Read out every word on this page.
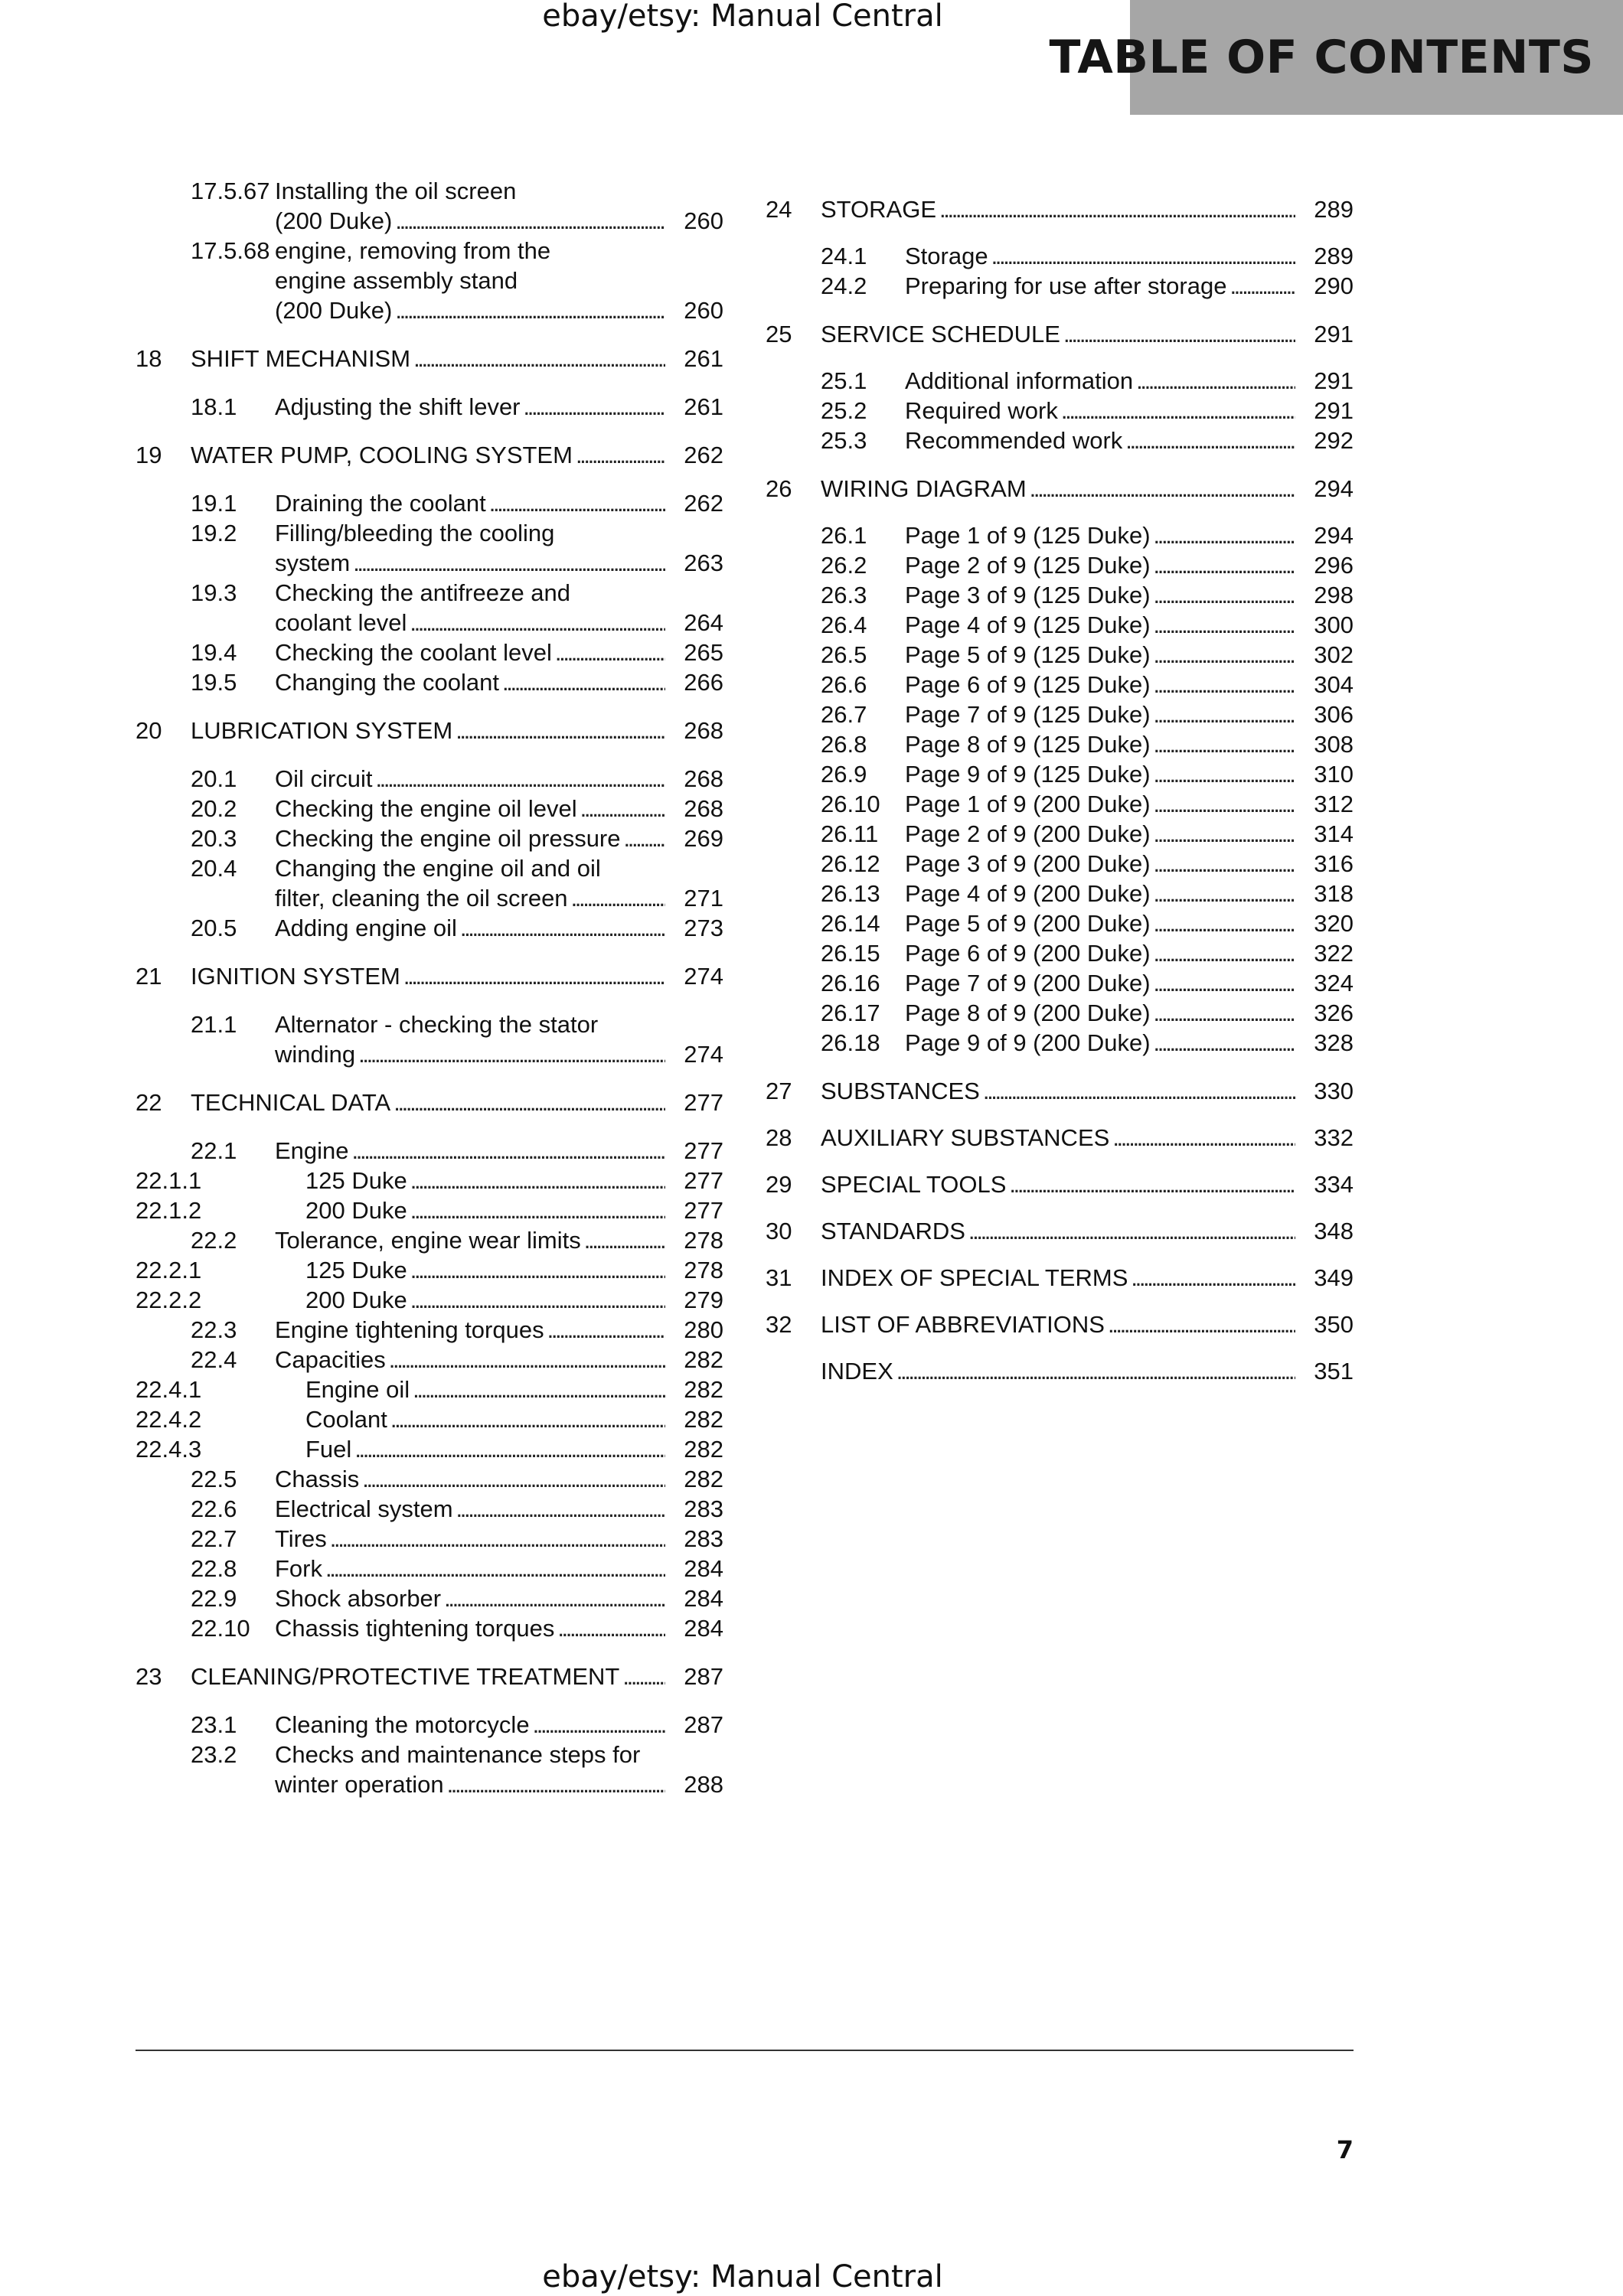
ebay/etsy: Manual Central
TABLE OF CONTENTS
17.5.67 Installing the oil screen
(200 Duke) . . .	260
17.5.68 engine, removing from the
engine assembly stand
(200 Duke) . . .	260
18 SHIFT MECHANISM . . .	261
18.1 Adjusting the shift lever . . .	261
19 WATER PUMP, COOLING SYSTEM . . .	262
19.1 Draining the coolant . . .	262
19.2 Filling/bleeding the cooling
system . . .	263
19.3 Checking the antifreeze and
coolant level . . .	264
19.4 Checking the coolant level . . .	265
19.5 Changing the coolant . . .	266
20 LUBRICATION SYSTEM . . .	268
20.1 Oil circuit . . .	268
20.2 Checking the engine oil level . . .	268
20.3 Checking the engine oil pressure . . .	269
20.4 Changing the engine oil and oil
filter, cleaning the oil screen . . .	271
20.5 Adding engine oil . . .	273
21 IGNITION SYSTEM . . .	274
21.1 Alternator - checking the stator
winding . . .	274
22 TECHNICAL DATA . . .	277
22.1 Engine . . .	277
22.1.1	125 Duke . . .	277
22.1.2	200 Duke . . .	277
22.2 Tolerance, engine wear limits . . .	278
22.2.1	125 Duke . . .	278
22.2.2	200 Duke . . .	279
22.3 Engine tightening torques . . .	280
22.4 Capacities . . .	282
22.4.1	Engine oil . . .	282
22.4.2	Coolant . . .	282
22.4.3	Fuel . . .	282
22.5 Chassis . . .	282
22.6 Electrical system . . .	283
22.7 Tires . . .	283
22.8 Fork . . .	284
22.9 Shock absorber . . .	284
22.10 Chassis tightening torques . . .	284
23 CLEANING/PROTECTIVE TREATMENT . . .	287
23.1 Cleaning the motorcycle . . .	287
23.2 Checks and maintenance steps for
winter operation . . .	288
24 STORAGE . . .	289
24.1 Storage . . .	289
24.2 Preparing for use after storage . . .	290
25 SERVICE SCHEDULE . . .	291
25.1 Additional information . . .	291
25.2 Required work . . .	291
25.3 Recommended work . . .	292
26 WIRING DIAGRAM . . .	294
26.1 Page 1 of 9 (125 Duke) . . .	294
26.2 Page 2 of 9 (125 Duke) . . .	296
26.3 Page 3 of 9 (125 Duke) . . .	298
26.4 Page 4 of 9 (125 Duke) . . .	300
26.5 Page 5 of 9 (125 Duke) . . .	302
26.6 Page 6 of 9 (125 Duke) . . .	304
26.7 Page 7 of 9 (125 Duke) . . .	306
26.8 Page 8 of 9 (125 Duke) . . .	308
26.9 Page 9 of 9 (125 Duke) . . .	310
26.10 Page 1 of 9 (200 Duke) . . .	312
26.11 Page 2 of 9 (200 Duke) . . .	314
26.12 Page 3 of 9 (200 Duke) . . .	316
26.13 Page 4 of 9 (200 Duke) . . .	318
26.14 Page 5 of 9 (200 Duke) . . .	320
26.15 Page 6 of 9 (200 Duke) . . .	322
26.16 Page 7 of 9 (200 Duke) . . .	324
26.17 Page 8 of 9 (200 Duke) . . .	326
26.18 Page 9 of 9 (200 Duke) . . .	328
27 SUBSTANCES . . .	330
28 AUXILIARY SUBSTANCES . . .	332
29 SPECIAL TOOLS . . .	334
30 STANDARDS . . .	348
31 INDEX OF SPECIAL TERMS . . .	349
32 LIST OF ABBREVIATIONS . . .	350
INDEX . . .	351
7
ebay/etsy: Manual Central
